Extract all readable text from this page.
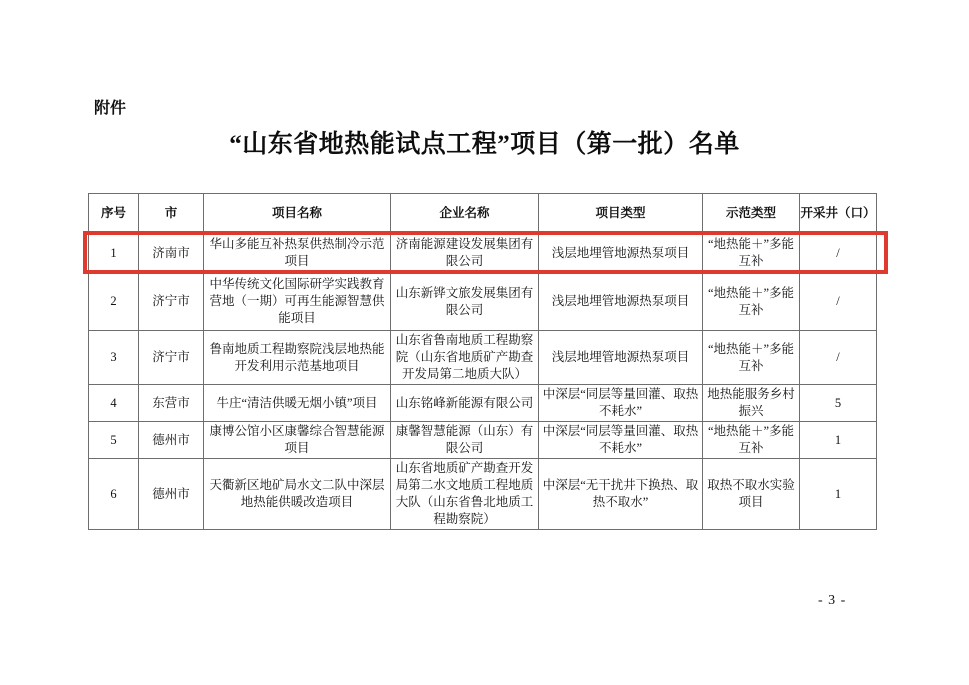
附件
“山东省地热能试点工程”项目（第一批）名单
序号	市	项目名称	企业名称	项目类型	示范类型	开采井（口）
1	济南市	华山多能互补热泵供热制冷示范项目	济南能源建设发展集团有限公司	浅层地埋管地源热泵项目	“地热能＋”多能互补	/
2	济宁市	中华传统文化国际研学实践教育营地（一期）可再生能源智慧供能项目	山东新铧文旅发展集团有限公司	浅层地埋管地源热泵项目	“地热能＋”多能互补	/
3	济宁市	鲁南地质工程勘察院浅层地热能开发利用示范基地项目	山东省鲁南地质工程勘察院（山东省地质矿产勘查开发局第二地质大队）	浅层地埋管地源热泵项目	“地热能＋”多能互补	/
4	东营市	牛庄“清洁供暖无烟小镇”项目	山东铭峰新能源有限公司	中深层“同层等量回灌、取热不耗水”	地热能服务乡村振兴	5
5	德州市	康博公馆小区康馨综合智慧能源项目	康馨智慧能源（山东）有限公司	中深层“同层等量回灌、取热不耗水”	“地热能＋”多能互补	1
6	德州市	天衢新区地矿局水文二队中深层地热能供暖改造项目	山东省地质矿产勘查开发局第二水文地质工程地质大队（山东省鲁北地质工程勘察院）	中深层“无干扰井下换热、取热不取水”	取热不取水实验项目	1
- 3 -
